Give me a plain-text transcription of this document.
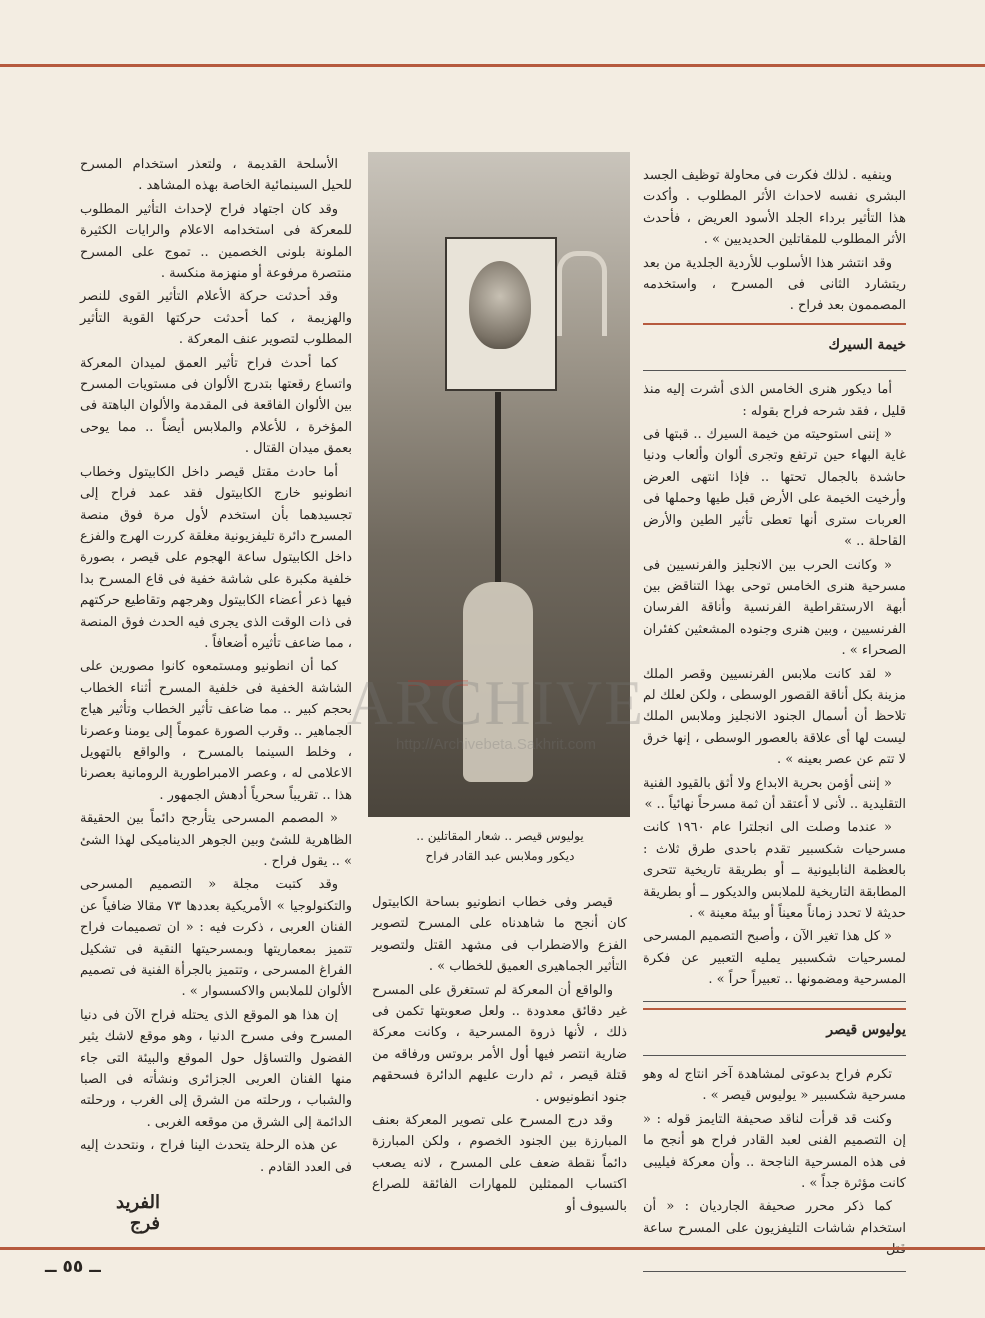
وينفيه . لذلك فكرت فى محاولة توظيف الجسد البشرى نفسه لاحداث الأثر المطلوب . وأكدت هذا التأثير برداء الجلد الأسود العريض ، فأحدث الأثر المطلوب للمقاتلين الحديديين » .

وقد انتشر هذا الأسلوب للأردية الجلدية من بعد ريتشارد الثانى فى المسرح ، واستخدمه المصممون بعد فراح .

خيمة السيرك

أما ديكور هنرى الخامس الذى أشرت إليه منذ قليل ، فقد شرحه فراح بقوله :

« إننى استوحيته من خيمة السيرك .. قبتها فى غاية البهاء حين ترتفع وتجرى ألوان وألعاب ودنيا حاشدة بالجمال تحتها .. فإذا انتهى العرض وأرخيت الخيمة على الأرض قبل طيها وحملها فى العربات سترى أنها تعطى تأثير الطين والأرض القاحلة .. »

« وكانت الحرب بين الانجليز والفرنسيين فى مسرحية هنرى الخامس توحى بهذا التناقض بين أبهة الارستقراطية الفرنسية وأناقة الفرسان الفرنسيين ، وبين هنرى وجنوده المشعثين كفئران الصحراء » .

« لقد كانت ملابس الفرنسيين وقصر الملك مزينة بكل أناقة القصور الوسطى ، ولكن لعلك لم تلاحظ أن أسمال الجنود الانجليز وملابس الملك ليست لها أى علاقة بالعصور الوسطى ، إنها خرق لا تتم عن عصر بعينه » .

« إننى أؤمن بحرية الابداع ولا أثق بالقيود الفنية التقليدية .. لأنى لا أعتقد أن ثمة مسرحاً نهائياً .. »

« عندما وصلت الى انجلترا عام ١٩٦٠ كانت مسرحيات شكسبير تقدم باحدى طرق ثلاث : بالعظمة النابليونية ــ أو بطريقة تاريخية تتحرى المطابقة التاريخية للملابس والديكور ــ أو بطريقة حديثة لا تحدد زماناً معيناً أو بيئة معينة » .

« كل هذا تغير الآن ، وأصبح التصميم المسرحى لمسرحيات شكسبير يمليه التعبير عن فكرة المسرحية ومضمونها .. تعبيراً حراً » .

يوليوس قيصر

تكرم فراح بدعوتى لمشاهدة آخر انتاج له وهو مسرحية شكسبير « يوليوس قيصر » .

وكنت قد قرأت لناقد صحيفة التايمز قوله : « إن التصميم الفنى لعبد القادر فراح هو أنجح ما فى هذه المسرحية الناجحة .. وأن معركة فيليبى كانت مؤثرة جداً » .

كما ذكر محرر صحيفة الجارديان : « أن استخدام شاشات التليفزيون على المسرح ساعة

يوليوس قيصر .. شعار المقاتلين ..
ديكور وملابس عبد القادر فراح

قيصر وفى خطاب انطونيو بساحة الكابيتول كان أنجح ما شاهدناه على المسرح لتصوير الفزع والاضطراب فى مشهد القتل ولتصوير التأثير الجماهيرى العميق للخطاب » .

والواقع أن المعركة لم تستغرق على المسرح غير دقائق معدودة .. ولعل صعوبتها تكمن فى ذلك ، لأنها ذروة المسرحية ، وكانت معركة ضارية انتصر فيها أول الأمر بروتس ورفاقه من قتلة قيصر ، ثم دارت عليهم الدائرة فسحقهم جنود انطونيوس .

وقد درج المسرح على تصوير المعركة بعنف المبارزة بين الجنود الخصوم ، ولكن المبارزة دائماً نقطة ضعف على المسرح ، لانه يصعب اكتساب الممثلين للمهارات الفائقة للصراع بالسيوف أو

الأسلحة القديمة ، ولتعذر استخدام المسرح للحيل السينمائية الخاصة بهذه المشاهد .

وقد كان اجتهاد فراح لإحداث التأثير المطلوب للمعركة فى استخدامه الاعلام والرايات الكثيرة الملونة بلونى الخصمين .. تموج على المسرح منتصرة مرفوعة أو منهزمة منكسة .

وقد أحدثت حركة الأعلام التأثير القوى للنصر والهزيمة ، كما أحدثت حركتها القوية التأثير المطلوب لتصوير عنف المعركة .

كما أحدث فراح تأثير العمق لميدان المعركة واتساع رقعتها بتدرج الألوان فى مستويات المسرح بين الألوان الفاقعة فى المقدمة والألوان الباهتة فى المؤخرة ، للأعلام والملابس أيضاً .. مما يوحى بعمق ميدان القتال .

أما حادث مقتل قيصر داخل الكابيتول وخطاب انطونيو خارج الكابيتول فقد عمد فراح إلى تجسيدهما بأن استخدم لأول مرة فوق منصة المسرح دائرة تليفزيونية مغلقة كررت الهرج والفزع داخل الكابيتول ساعة الهجوم على قيصر ، بصورة خلفية مكبرة على شاشة خفية فى قاع المسرح بدا فيها ذعر أعضاء الكابيتول وهرجهم وتقاطيع حركتهم فى ذات الوقت الذى يجرى فيه الحدث فوق المنصة ، مما ضاعف تأثيره أضعافاً .

كما أن انطونيو ومستمعوه كانوا مصورين على الشاشة الخفية فى خلفية المسرح أثناء الخطاب بحجم كبير .. مما ضاعف تأثير الخطاب وتأثير هياج الجماهير .. وقرب الصورة عموماً إلى يومنا وعصرنا ، وخلط السينما بالمسرح ، والواقع بالتهويل الاعلامى له ، وعصر الامبراطورية الرومانية بعصرنا هذا .. تقريباً سحرياً أدهش الجمهور .

« المصمم المسرحى يتأرجح دائماً بين الحقيقة الظاهرية للشئ وبين الجوهر الديناميكى لهذا الشئ » .. يقول فراح .

وقد كتبت مجلة « التصميم المسرحى والتكنولوجيا » الأمريكية بعددها ٧٣ مقالا ضافياً عن الفنان العربى ، ذكرت فيه : « ان تصميمات فراح تتميز بمعماريتها وبمسرحيتها النقية فى تشكيل الفراغ المسرحى ، وتتميز بالجرأة الفنية فى تصميم الألوان للملابس والاكسسوار » .

إن هذا هو الموقع الذى يحتله فراح الآن فى دنيا المسرح وفى مسرح الدنيا ، وهو موقع لاشك يثير الفضول والتساؤل حول الموقع والبيئة التى جاء منها الفنان العربى الجزائرى ونشأته فى الصبا والشباب ، ورحلته من الشرق إلى الغرب ، ورحلته الدائمة إلى الشرق من موقعه الغربى .

عن هذه الرحلة يتحدث الينا فراح ، ونتحدث إليه فى العدد القادم .

الفريد فرج
ARCHIVE
http://Archivebeta.Sakhrit.com
ــ ٥٥ ــ
